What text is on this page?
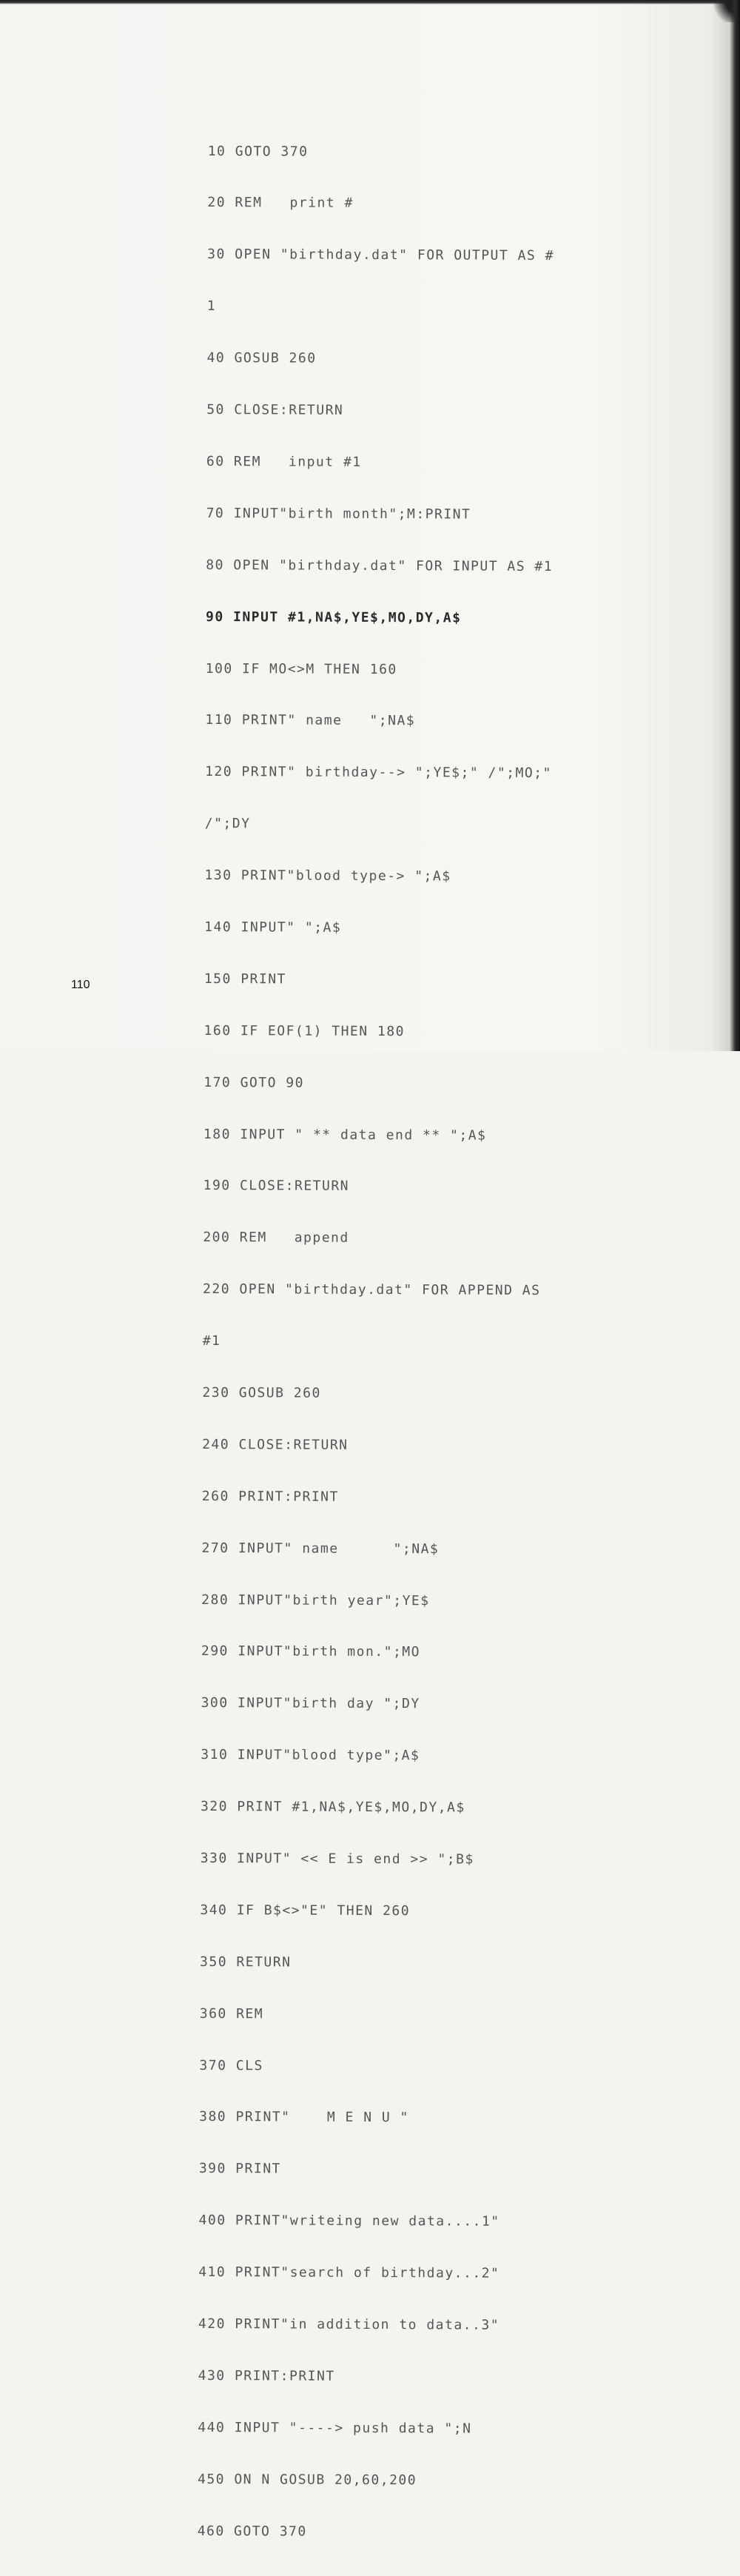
10 GOTO 370

20 REM   print #

30 OPEN "birthday.dat" FOR OUTPUT AS #

1

40 GOSUB 260

50 CLOSE:RETURN

60 REM   input #1

70 INPUT"birth month";M:PRINT

80 OPEN "birthday.dat" FOR INPUT AS #1

90 INPUT #1,NA$,YE$,MO,DY,A$

100 IF MO<>M THEN 160

110 PRINT" name   ";NA$

120 PRINT" birthday--> ";YE$;" /";MO;"

/";DY

130 PRINT"blood type-> ";A$

140 INPUT" ";A$

150 PRINT

160 IF EOF(1) THEN 180

170 GOTO 90

180 INPUT " ** data end ** ";A$

190 CLOSE:RETURN

200 REM   append

220 OPEN "birthday.dat" FOR APPEND AS

#1

230 GOSUB 260

240 CLOSE:RETURN

260 PRINT:PRINT

270 INPUT" name      ";NA$

280 INPUT"birth year";YE$

290 INPUT"birth mon.";MO

300 INPUT"birth day ";DY

310 INPUT"blood type";A$

320 PRINT #1,NA$,YE$,MO,DY,A$

330 INPUT" << E is end >> ";B$

340 IF B$<>"E" THEN 260

350 RETURN

360 REM

370 CLS

380 PRINT"    M E N U "

390 PRINT

400 PRINT"writeing new data....1"

410 PRINT"search of birthday...2"

420 PRINT"in addition to data..3"

430 PRINT:PRINT

440 INPUT "----> push data ";N

450 ON N GOSUB 20,60,200

460 GOTO 370

110
